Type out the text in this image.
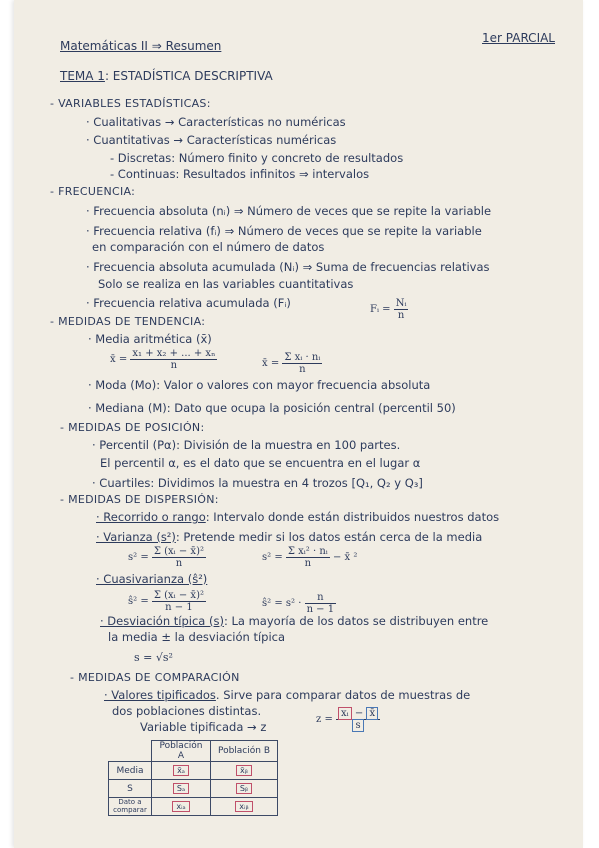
Matemáticas II ⇒ Resumen
1er PARCIAL
TEMA 1: ESTADÍSTICA DESCRIPTIVA
- VARIABLES ESTADÍSTICAS:
· Cualitativas → Características no numéricas
· Cuantitativas → Características numéricas
- Discretas: Número finito y concreto de resultados
- Continuas: Resultados infinitos ⇒ intervalos
- FRECUENCIA:
· Frecuencia absoluta (nᵢ) ⇒ Número de veces que se repite la variable
· Frecuencia relativa (fᵢ) ⇒ Número de veces que se repite la variable
en comparación con el número de datos
· Frecuencia absoluta acumulada (Nᵢ) ⇒ Suma de frecuencias relativas
Solo se realiza en las variables cuantitativas
· Frecuencia relativa acumulada (Fᵢ)	Fᵢ = $\frac{\text{Nᵢ}}{n}$
- MEDIDAS DE TENDENCIA:
· Media aritmética (x̄)
x̄ = $\frac{\text{x₁ + x₂ + ... + xₙ}}{n}$	x̄ = $\frac{\text{Σ xᵢ · nᵢ}}{n}$
· Moda (Mo): Valor o valores con mayor frecuencia absoluta
· Mediana (M): Dato que ocupa la posición central (percentil 50)
- MEDIDAS DE POSICIÓN:
· Percentil (Pα): División de la muestra en 100 partes.
El percentil α, es el dato que se encuentra en el lugar α
· Cuartiles: Dividimos la muestra en 4 trozos [Q₁, Q₂ y Q₃]
- MEDIDAS DE DISPERSIÓN:
· Recorrido o rango: Intervalo donde están distribuidos nuestros datos
· Varianza (s²): Pretende medir si los datos están cerca de la media
$s^2 = \frac{\text{Σ (xᵢ − x̄)²}}{n}$	$s^2 = \frac{\text{Σ xᵢ² · nᵢ}}{n}$ − x̄ ²
· Cuasivarianza (ŝ²)
ŝ² = $\frac{\text{Σ (xᵢ − x̄)²}}{n - 1}$	ŝ² = $s^2 \cdot \frac{n}{n - 1}$
· Desviación típica (s): La mayoría de los datos se distribuyen entre
la media ± la desviación típica
s = √s²
- MEDIDAS DE COMPARACIÓN
· Valores tipificados. Sirve para comparar datos de muestras de
dos poblaciones distintas.
Variable tipificada → z
$z = \frac{\text{xᵢ − x̄}}{s}$
	Población A	Población B
Media	x̄ₐ	x̄ᵦ
S	Sₐ	Sᵦ
Dato a comparar	xᵢₐ	xᵢᵦ
